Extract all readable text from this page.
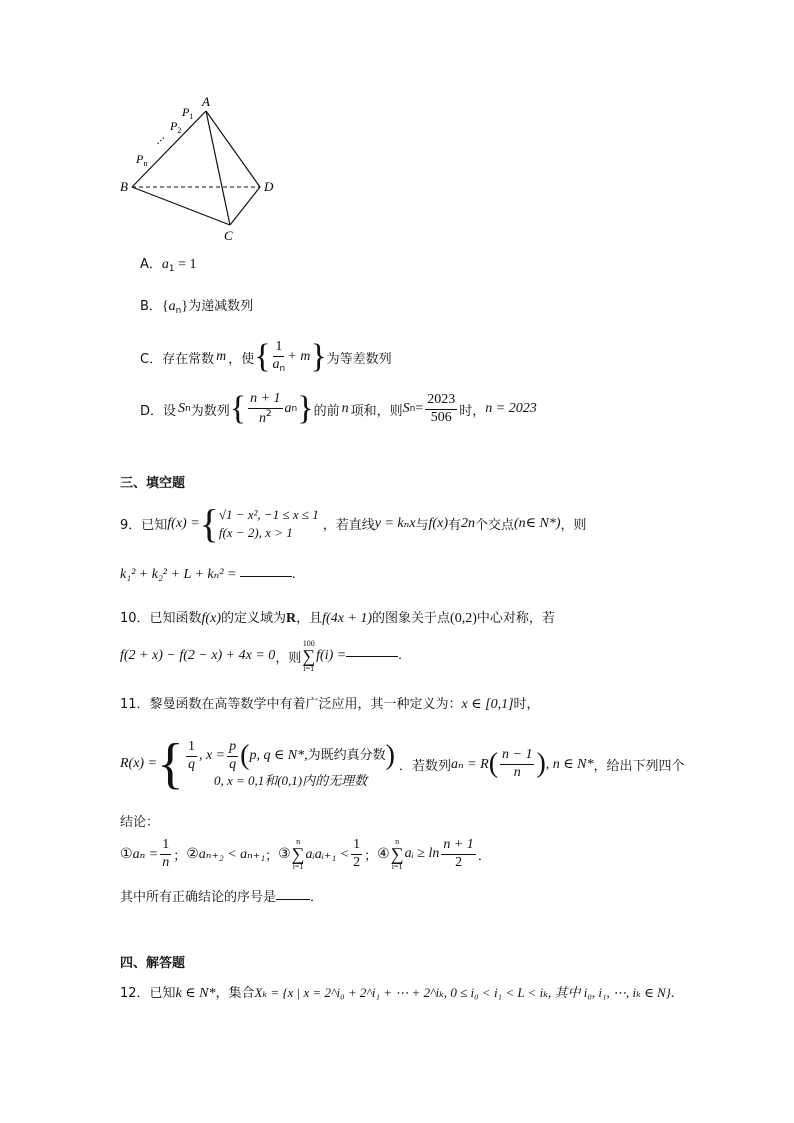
A
B
C
D
$P_1$
$P_2$
⋯
$P_n$
A．$a_1 = 1$
B．$\{a_n\}$为递减数列
C．存在常数 m ，使 { $\frac{1}{a_n} + m$ } 为等差数列
D．设 S n 为数列 { $\frac{n + 1}{n^2}$ a n } 的前 n 项和，则 S $n = \frac{2023}{506}$ 时， n = 2023
三、填空题
9．已知 f(x) = { √1 − x², −1 ≤ x ≤ 1
f(x − 2), x > 1	，若直线 y = kₙx 与 f(x) 有 2n 个交点 (n∈ N*) ，则
k₁² + k₂² + L + kₙ² =	.
10．已知函数f(x)的定义域为R，且f(4x + 1)的图象关于点(0,2)中心对称，若
f(2 + x) − f(2 − x) + 4x = 0 ，则
100
∑
i=1
f(i) =	.
11．黎曼函数在高等数学中有着广泛应用，其一种定义为：x ∈ [0,1]时，
R(x) = { $\frac{1}{q}$ , $x = \frac{p}{q}$ ( p, q ∈ N*, 为既约真分数 )
0, x = 0,1和(0,1)内的无理数
．若数列 aₙ = R ( $\frac{n - 1}{n}$ ) , n ∈ N* ，给出下列四个
结论：
① $a_n = \frac{1}{n}$ ； ② aₙ₊₂ < aₙ₊₁ ； ③
n
∑
i=1
aᵢaᵢ₊₁ < $\frac{1}{2}$ ； ④
n
∑
i=1
aᵢ ≥ $\ln \frac{n + 1}{2}$ ．
其中所有正确结论的序号是	．
四、解答题
12．已知k ∈ N*，集合Xₖ = {x | x = 2^i₀ + 2^i₁ + ⋯ + 2^iₖ, 0 ≤ i₀ < i₁ < L < iₖ, 其中 i₀, i₁, ⋯, iₖ ∈ N}.
